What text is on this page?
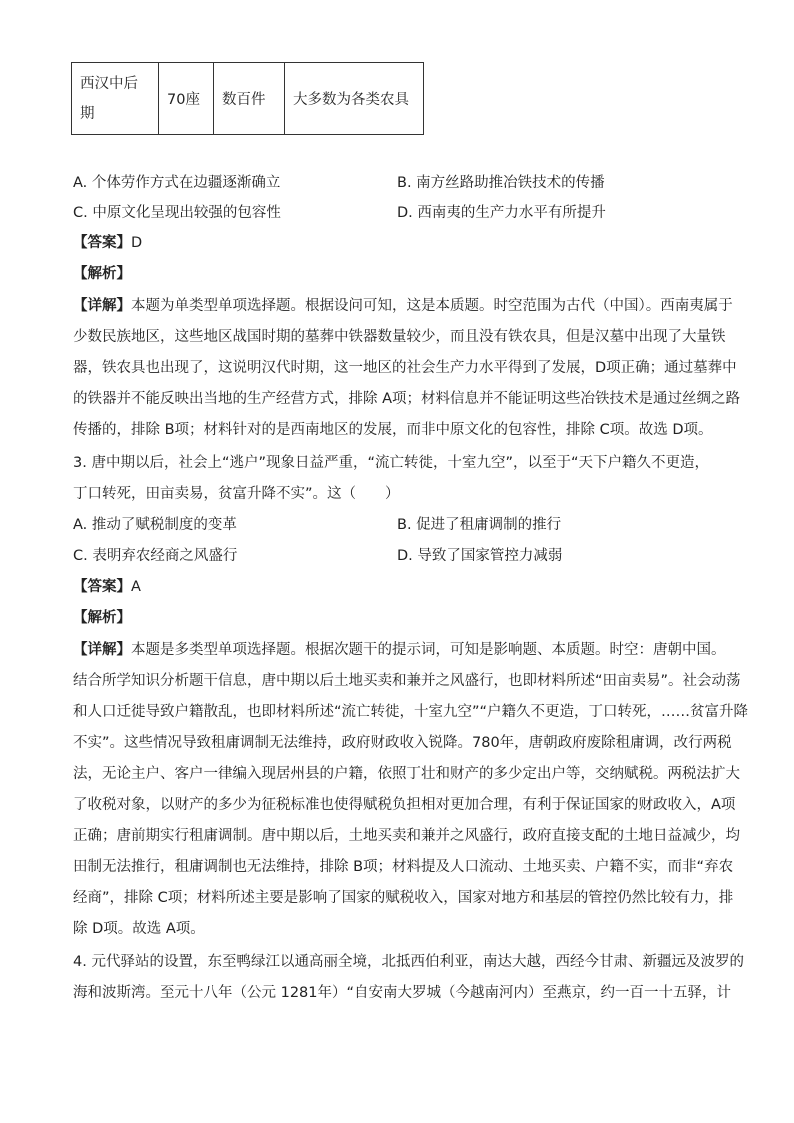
西汉中后期	70座	数百件	大多数为各类农具
A. 个体劳作方式在边疆逐渐确立	B. 南方丝路助推冶铁技术的传播
C. 中原文化呈现出较强的包容性	D. 西南夷的生产力水平有所提升
【答案】D
【解析】
【详解】本题为单类型单项选择题。根据设问可知，这是本质题。时空范围为古代（中国）。西南夷属于
少数民族地区，这些地区战国时期的墓葬中铁器数量较少，而且没有铁农具，但是汉墓中出现了大量铁
器，铁农具也出现了，这说明汉代时期，这一地区的社会生产力水平得到了发展，D项正确；通过墓葬中
的铁器并不能反映出当地的生产经营方式，排除 A项；材料信息并不能证明这些冶铁技术是通过丝绸之路
传播的，排除 B项；材料针对的是西南地区的发展，而非中原文化的包容性，排除 C项。故选 D项。
3. 唐中期以后，社会上“逃户”现象日益严重，“流亡转徙，十室九空”，以至于“天下户籍久不更造，
丁口转死，田亩卖易，贫富升降不实”。这（　　）
A. 推动了赋税制度的变革	B. 促进了租庸调制的推行
C. 表明弃农经商之风盛行	D. 导致了国家管控力减弱
【答案】A
【解析】
【详解】本题是多类型单项选择题。根据次题干的提示词，可知是影响题、本质题。时空：唐朝中国。
结合所学知识分析题干信息，唐中期以后土地买卖和兼并之风盛行，也即材料所述“田亩卖易”。社会动荡
和人口迁徙导致户籍散乱，也即材料所述“流亡转徙，十室九空”“户籍久不更造，丁口转死，……贫富升降
不实”。这些情况导致租庸调制无法维持，政府财政收入锐降。780年，唐朝政府废除租庸调，改行两税
法，无论主户、客户一律编入现居州县的户籍，依照丁壮和财产的多少定出户等，交纳赋税。两税法扩大
了收税对象，以财产的多少为征税标准也使得赋税负担相对更加合理，有利于保证国家的财政收入，A项
正确；唐前期实行租庸调制。唐中期以后，土地买卖和兼并之风盛行，政府直接支配的土地日益减少，均
田制无法推行，租庸调制也无法维持，排除 B项；材料提及人口流动、土地买卖、户籍不实，而非“弃农
经商”，排除 C项；材料所述主要是影响了国家的赋税收入，国家对地方和基层的管控仍然比较有力，排
除 D项。故选 A项。
4. 元代驿站的设置，东至鸭绿江以通高丽全境，北抵西伯利亚，南达大越，西经今甘肃、新疆远及波罗的
海和波斯湾。至元十八年（公元 1281年）“自安南大罗城（今越南河内）至燕京，约一百一十五驿，计
